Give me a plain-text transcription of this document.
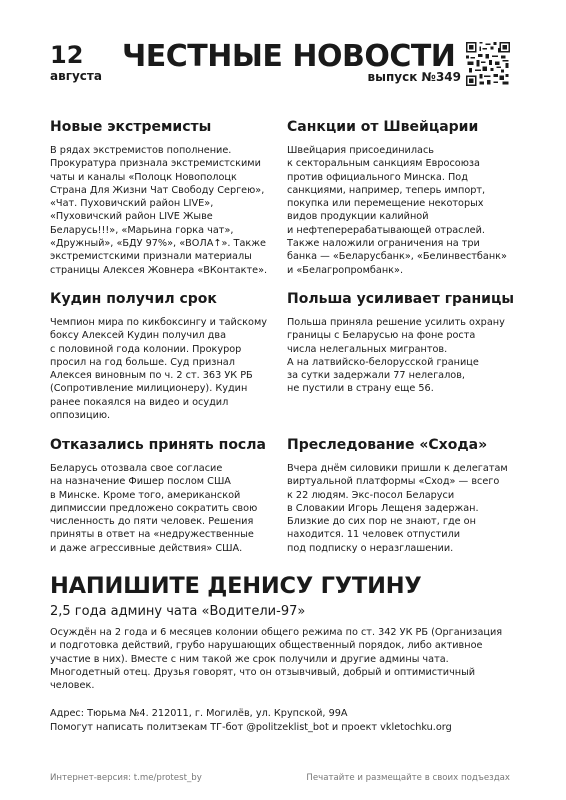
12
августа
ЧЕСТНЫЕ НОВОСТИ
выпуск №349
Новые экстремисты

В рядах экстремистов пополнение.
Прокуратура признала экстремистскими
чаты и каналы «Полоцк Новополоцк
Страна Для Жизни Чат Свободу Сергею»,
«Чат. Пуховичский район LIVE»,
«Пуховичский район LIVE Жыве
Беларусь!!!», «Марьина горка чат»,
«Дружный», «БДУ 97%», «ВОЛА↑». Также
экстремистскими признали материалы
страницы Алексея Жовнера «ВКонтакте».

Санкции от Швейцарии

Швейцария присоединилась
к секторальным санкциям Евросоюза
против официального Минска. Под
санкциями, например, теперь импорт,
покупка или перемещение некоторых
видов продукции калийной
и нефтеперерабатывающей отраслей.
Также наложили ограничения на три
банка — «Беларусбанк», «Белинвестбанк»
и «Белагропромбанк».

Кудин получил срок

Чемпион мира по кикбоксингу и тайскому
боксу Алексей Кудин получил два
с половиной года колонии. Прокурор
просил на год больше. Суд признал
Алексея виновным по ч. 2 ст. 363 УК РБ
(Сопротивление милиционеру). Кудин
ранее покаялся на видео и осудил
оппозицию.

Польша усиливает границы

Польша приняла решение усилить охрану
границы с Беларусью на фоне роста
числа нелегальных мигрантов.
А на латвийско-белорусской границе
за сутки задержали 77 нелегалов,
не пустили в страну еще 56.

Отказались принять посла

Беларусь отозвала свое согласие
на назначение Фишер послом США
в Минске. Кроме того, американской
дипмиссии предложено сократить свою
численность до пяти человек. Решения
приняты в ответ на «недружественные
и даже агрессивные действия» США.

Преследование «Схода»

Вчера днём силовики пришли к делегатам
виртуальной платформы «Сход» — всего
к 22 людям. Экс-посол Беларуси
в Словакии Игорь Лещеня задержан.
Близкие до сих пор не знают, где он
находится. 11 человек отпустили
под подписку о неразглашении.

НАПИШИТЕ ДЕНИСУ ГУТИНУ
2,5 года админу чата «Водители-97»

Осуждён на 2 года и 6 месяцев колонии общего режима по ст. 342 УК РБ (Организация
и подготовка действий, грубо нарушающих общественный порядок, либо активное
участие в них). Вместе с ним такой же срок получили и другие админы чата.
Многодетный отец. Друзья говорят, что он отзывчивый, добрый и оптимистичный
человек.

Адрес: Тюрьма №4. 212011, г. Могилёв, ул. Крупской, 99А
Помогут написать политзекам ТГ-бот @politzeklist_bot и проект vkletochku.org
Интернет-версия: t.me/protest_by	Печатайте и размещайте в своих подъездах
